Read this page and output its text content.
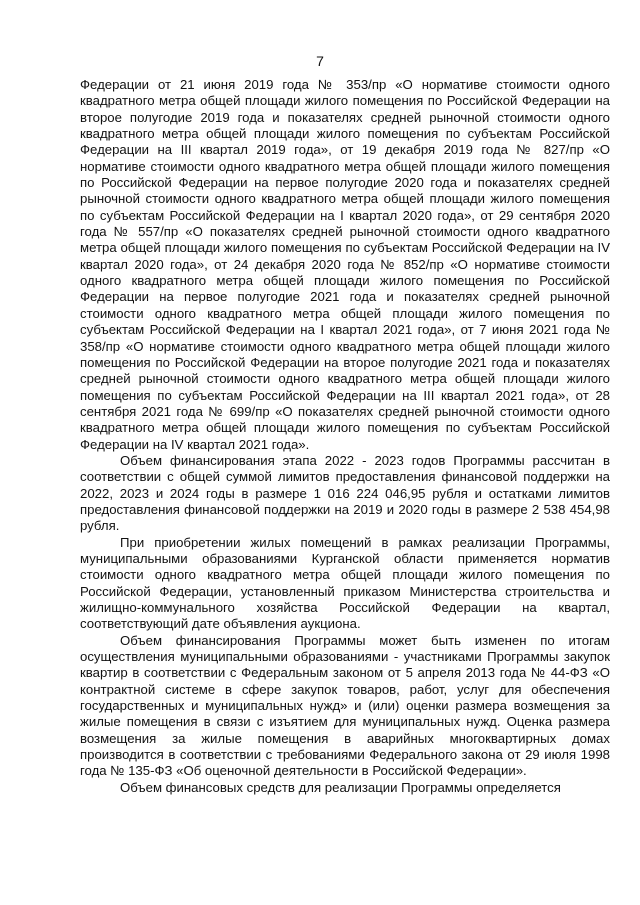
7

Федерации от 21 июня 2019 года № 353/пр «О нормативе стоимости одного квадратного метра общей площади жилого помещения по Российской Федерации на второе полугодие 2019 года и показателях средней рыночной стоимости одного квадратного метра общей площади жилого помещения по субъектам Российской Федерации на III квартал 2019 года», от 19 декабря 2019 года № 827/пр «О нормативе стоимости одного квадратного метра общей площади жилого помещения по Российской Федерации на первое полугодие 2020 года и показателях средней рыночной стоимости одного квадратного метра общей площади жилого помещения по субъектам Российской Федерации на I квартал 2020 года», от 29 сентября 2020 года № 557/пр «О показателях средней рыночной стоимости одного квадратного метра общей площади жилого помещения по субъектам Российской Федерации на IV квартал 2020 года», от 24 декабря 2020 года № 852/пр «О нормативе стоимости одного квадратного метра общей площади жилого помещения по Российской Федерации на первое полугодие 2021 года и показателях средней рыночной стоимости одного квадратного метра общей площади жилого помещения по субъектам Российской Федерации на I квартал 2021 года», от 7 июня 2021 года № 358/пр «О нормативе стоимости одного квадратного метра общей площади жилого помещения по Российской Федерации на второе полугодие 2021 года и показателях средней рыночной стоимости одного квадратного метра общей площади жилого помещения по субъектам Российской Федерации на III квартал 2021 года», от 28 сентября 2021 года № 699/пр «О показателях средней рыночной стоимости одного квадратного метра общей площади жилого помещения по субъектам Российской Федерации на IV квартал 2021 года».

Объем финансирования этапа 2022 - 2023 годов Программы рассчитан в соответствии с общей суммой лимитов предоставления финансовой поддержки на 2022, 2023 и 2024 годы в размере 1 016 224 046,95 рубля и остатками лимитов предоставления финансовой поддержки на 2019 и 2020 годы в размере 2 538 454,98 рубля.

При приобретении жилых помещений в рамках реализации Программы, муниципальными образованиями Курганской области применяется норматив стоимости одного квадратного метра общей площади жилого помещения по Российской Федерации, установленный приказом Министерства строительства и жилищно-коммунального хозяйства Российской Федерации на квартал, соответствующий дате объявления аукциона.

Объем финансирования Программы может быть изменен по итогам осуществления муниципальными образованиями - участниками Программы закупок квартир в соответствии с Федеральным законом от 5 апреля 2013 года № 44-ФЗ «О контрактной системе в сфере закупок товаров, работ, услуг для обеспечения государственных и муниципальных нужд» и (или) оценки размера возмещения за жилые помещения в связи с изъятием для муниципальных нужд. Оценка размера возмещения за жилые помещения в аварийных многоквартирных домах производится в соответствии с требованиями Федерального закона от 29 июля 1998 года № 135-ФЗ «Об оценочной деятельности в Российской Федерации».

Объем финансовых средств для реализации Программы определяется
